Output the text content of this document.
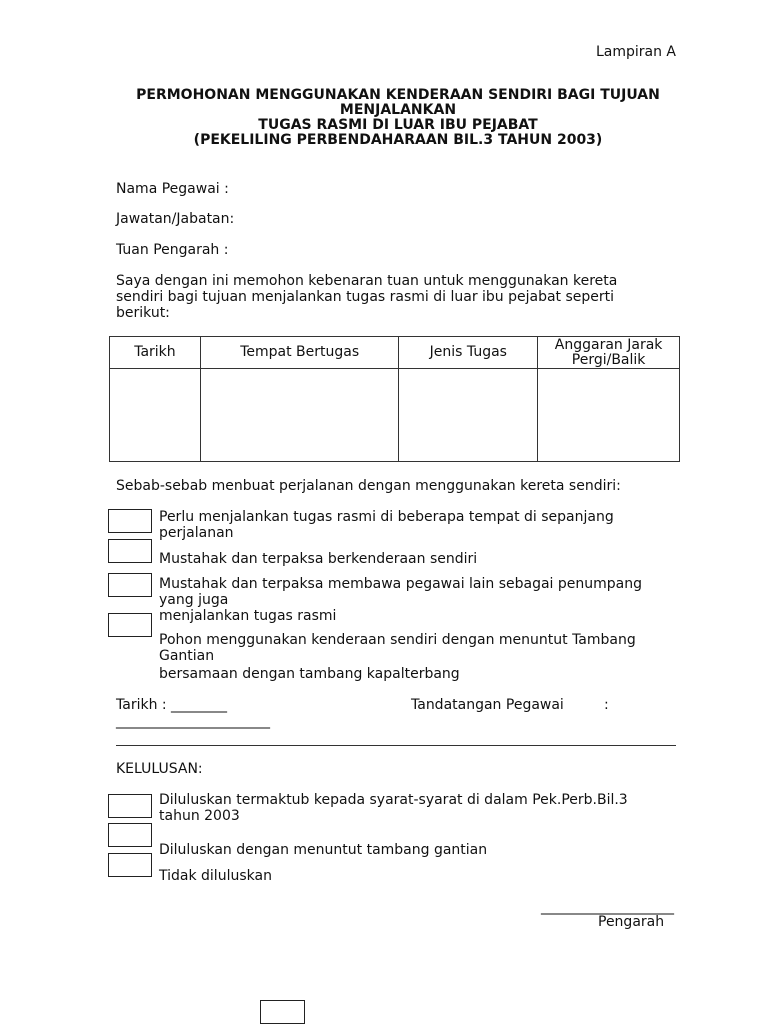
Lampiran A
PERMOHONAN MENGGUNAKAN KENDERAAN SENDIRI BAGI TUJUAN
MENJALANKAN
TUGAS RASMI DI LUAR IBU PEJABAT
(PEKELILING PERBENDAHARAAN BIL.3 TAHUN 2003)
Nama Pegawai :
Jawatan/Jabatan:
Tuan Pengarah :
Saya dengan ini memohon kebenaran tuan untuk menggunakan kereta
sendiri bagi tujuan menjalankan tugas rasmi di luar ibu pejabat seperti
berikut:
Tarikh	Tempat Bertugas	Jenis Tugas	Anggaran Jarak Pergi/Balik

Sebab-sebab menbuat perjalanan dengan menggunakan kereta sendiri:
Perlu menjalankan tugas rasmi di beberapa tempat di sepanjang
perjalanan
Mustahak dan terpaksa berkenderaan sendiri
Mustahak dan terpaksa membawa pegawai lain sebagai penumpang
yang juga
menjalankan tugas rasmi
Pohon menggunakan kenderaan sendiri dengan menuntut Tambang
Gantian
bersamaan dengan tambang kapalterbang
Tarikh : ________	Tandatangan Pegawai	:
______________________
KELULUSAN:
Diluluskan termaktub kepada syarat-syarat di dalam Pek.Perb.Bil.3
tahun 2003
Diluluskan dengan menuntut tambang gantian
Tidak diluluskan
___________________
Pengarah
